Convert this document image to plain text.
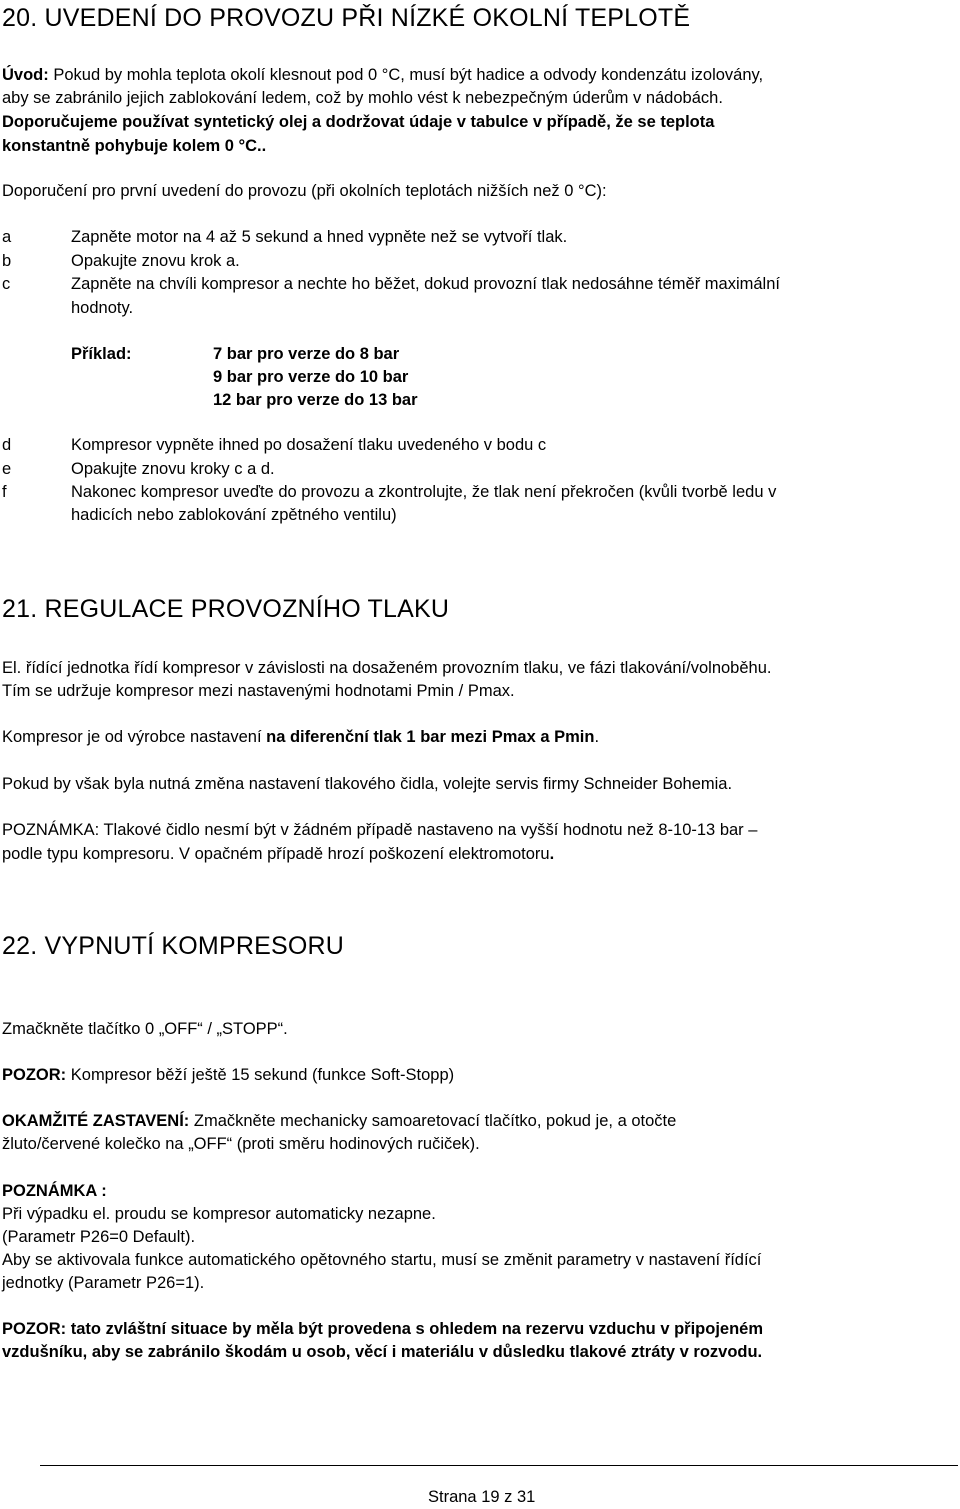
20. UVEDENÍ DO PROVOZU PŘI NÍZKÉ OKOLNÍ TEPLOTĚ
Úvod: Pokud by mohla teplota okolí klesnout pod 0 °C, musí být hadice a odvody kondenzátu izolovány,
aby se zabránilo jejich zablokování ledem, což by mohlo vést k nebezpečným úderům v nádobách.
Doporučujeme používat syntetický olej a dodržovat údaje v tabulce v případě, že se teplota
konstantně pohybuje kolem 0 °C..
Doporučení pro první uvedení do provozu (při okolních teplotách nižších než 0 °C):
a	Zapněte motor na 4 až 5 sekund a hned vypněte než se vytvoří tlak.
b	Opakujte znovu krok a.
c	Zapněte na chvíli kompresor a nechte ho běžet, dokud provozní tlak nedosáhne téměř maximální
hodnoty.
Příklad:	7 bar pro verze do 8 bar
9 bar pro verze do 10 bar
12 bar pro verze do 13 bar
d	Kompresor vypněte ihned po dosažení tlaku uvedeného v bodu c
e	Opakujte znovu kroky c a d.
f	Nakonec kompresor uveďte do provozu a zkontrolujte, že tlak není překročen (kvůli tvorbě ledu v
hadicích nebo zablokování zpětného ventilu)
21. REGULACE PROVOZNÍHO TLAKU
El. řídící jednotka řídí kompresor v závislosti na dosaženém provozním tlaku, ve fázi tlakování/volnoběhu.
Tím se udržuje kompresor mezi nastavenými hodnotami Pmin / Pmax.
Kompresor je od výrobce nastavení na diferenční tlak 1 bar mezi Pmax a Pmin.
Pokud by však byla nutná změna nastavení tlakového čidla, volejte servis firmy Schneider Bohemia.
POZNÁMKA: Tlakové čidlo nesmí být v žádném případě nastaveno na vyšší hodnotu než 8-10-13 bar –
podle typu kompresoru. V opačném případě hrozí poškození elektromotoru.
22. VYPNUTÍ KOMPRESORU
Zmačkněte tlačítko 0 „OFF“ / „STOPP“.
POZOR: Kompresor běží ještě 15 sekund (funkce Soft-Stopp)
OKAMŽITÉ ZASTAVENÍ: Zmačkněte mechanicky samoaretovací tlačítko, pokud je, a otočte
žluto/červené kolečko na „OFF“ (proti směru hodinových ručiček).
POZNÁMKA :
Při výpadku el. proudu se kompresor automaticky nezapne.
(Parametr P26=0 Default).
Aby se aktivovala funkce automatického opětovného startu, musí se změnit parametry v nastavení řídící
jednotky (Parametr P26=1).
POZOR: tato zvláštní situace by měla být provedena s ohledem na rezervu vzduchu v připojeném
vzdušníku, aby se zabránilo škodám u osob, věcí i materiálu v důsledku tlakové ztráty v rozvodu.
Strana 19 z 31
